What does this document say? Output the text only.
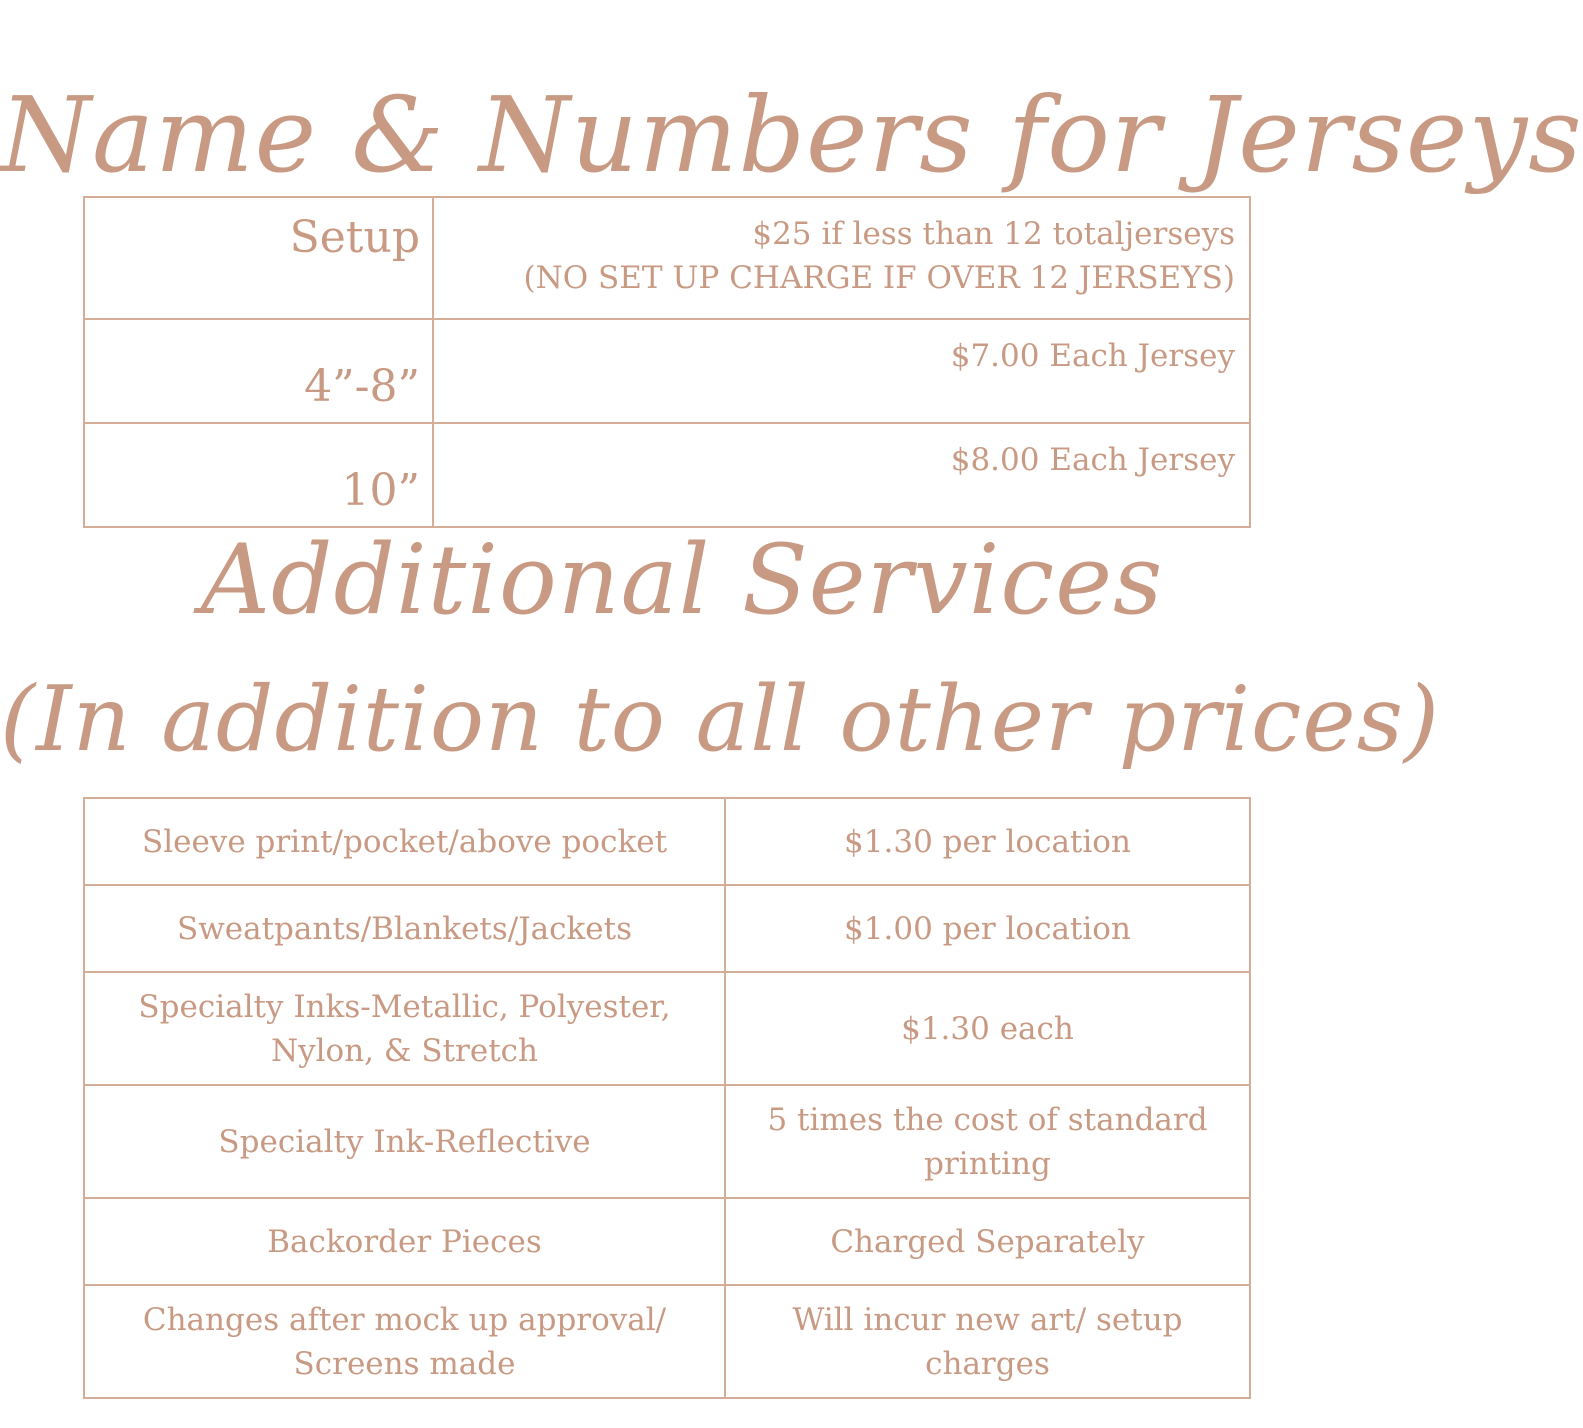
Name & Numbers for Jerseys
Setup	$25 if less than 12 totaljerseys
(NO SET UP CHARGE IF OVER 12 JERSEYS)

4”-8”	$7.00 Each Jersey

10”	$8.00 Each Jersey
Additional Services
(In addition to all other prices)
Sleeve print/pocket/above pocket	$1.30 per location

Sweatpants/Blankets/Jackets	$1.00 per location

Specialty Inks-Metallic, Polyester,
Nylon, & Stretch	$1.30 each

Specialty Ink-Reflective	5 times the cost of standard
printing

Backorder Pieces	Charged Separately

Changes after mock up approval/
Screens made	Will incur new art/ setup
charges
